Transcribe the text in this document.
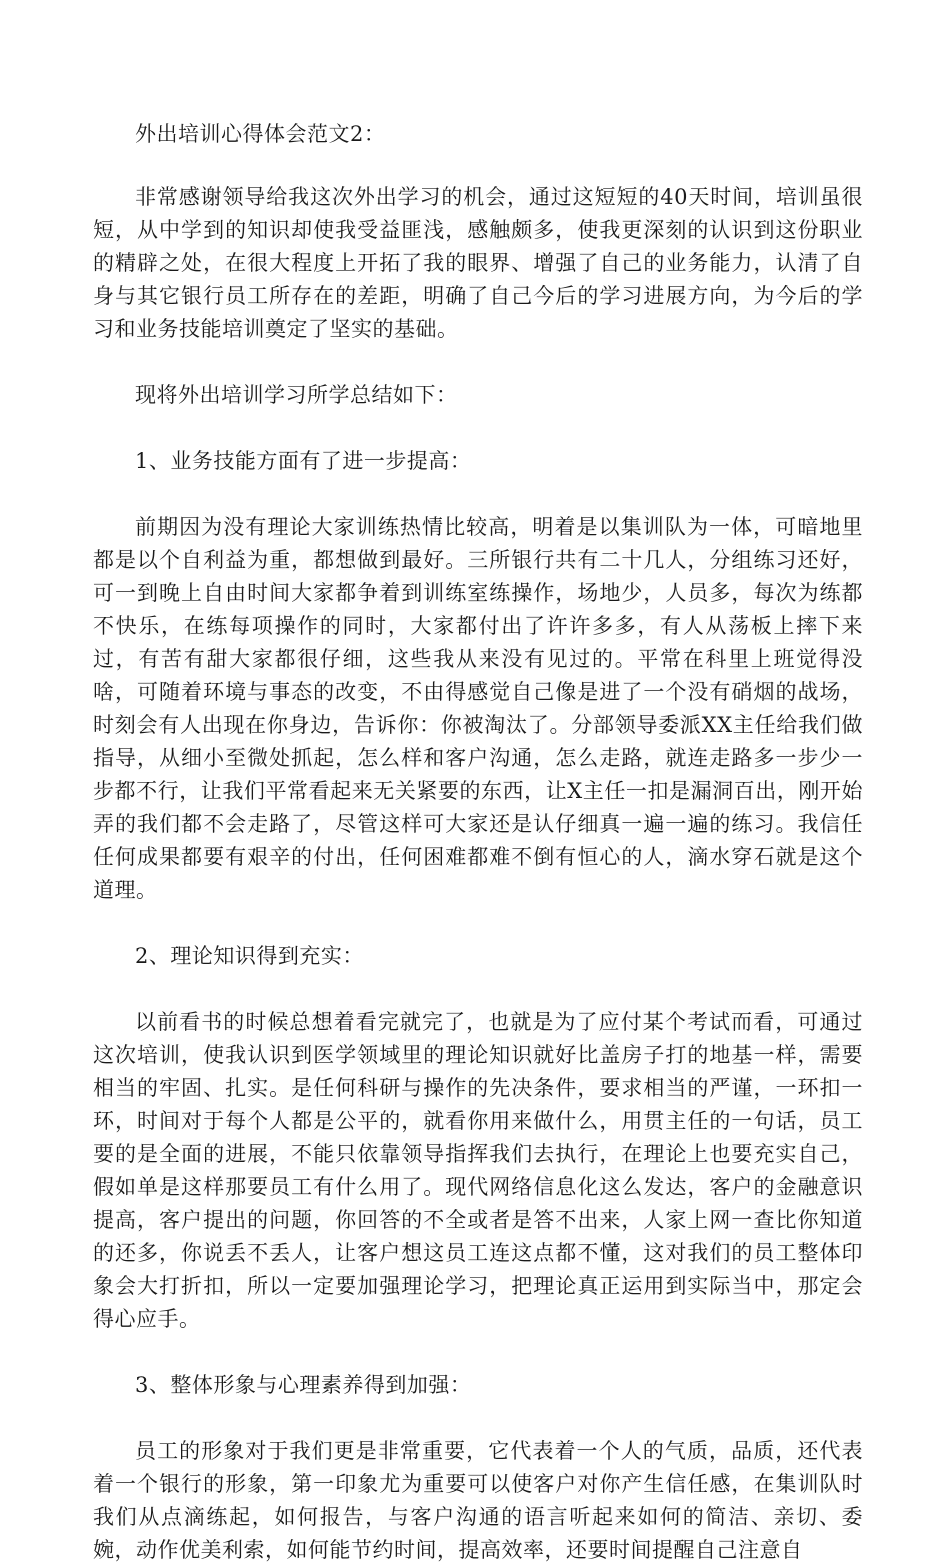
外出培训心得体会范文2：

非常感谢领导给我这次外出学习的机会，通过这短短的40天时间，培训虽很短，从中学到的知识却使我受益匪浅，感触颇多，使我更深刻的认识到这份职业的精辟之处，在很大程度上开拓了我的眼界、增强了自己的业务能力，认清了自身与其它银行员工所存在的差距，明确了自己今后的学习进展方向，为今后的学习和业务技能培训奠定了坚实的基础。

现将外出培训学习所学总结如下：

1、业务技能方面有了进一步提高：

前期因为没有理论大家训练热情比较高，明着是以集训队为一体，可暗地里都是以个自利益为重，都想做到最好。三所银行共有二十几人，分组练习还好，可一到晚上自由时间大家都争着到训练室练操作，场地少，人员多，每次为练都不快乐，在练每项操作的同时，大家都付出了许许多多，有人从荡板上摔下来过，有苦有甜大家都很仔细，这些我从来没有见过的。平常在科里上班觉得没啥，可随着环境与事态的改变，不由得感觉自己像是进了一个没有硝烟的战场，时刻会有人出现在你身边，告诉你：你被淘汰了。分部领导委派XX主任给我们做指导，从细小至微处抓起，怎么样和客户沟通，怎么走路，就连走路多一步少一步都不行，让我们平常看起来无关紧要的东西，让X主任一扣是漏洞百出，刚开始弄的我们都不会走路了，尽管这样可大家还是认仔细真一遍一遍的练习。我信任任何成果都要有艰辛的付出，任何困难都难不倒有恒心的人，滴水穿石就是这个道理。

2、理论知识得到充实：

以前看书的时候总想着看完就完了，也就是为了应付某个考试而看，可通过这次培训，使我认识到医学领域里的理论知识就好比盖房子打的地基一样，需要相当的牢固、扎实。是任何科研与操作的先决条件，要求相当的严谨，一环扣一环，时间对于每个人都是公平的，就看你用来做什么，用贯主任的一句话，员工要的是全面的进展，不能只依靠领导指挥我们去执行，在理论上也要充实自己，假如单是这样那要员工有什么用了。现代网络信息化这么发达，客户的金融意识提高，客户提出的问题，你回答的不全或者是答不出来，人家上网一查比你知道的还多，你说丢不丢人，让客户想这员工连这点都不懂，这对我们的员工整体印象会大打折扣，所以一定要加强理论学习，把理论真正运用到实际当中，那定会得心应手。

3、整体形象与心理素养得到加强：

员工的形象对于我们更是非常重要，它代表着一个人的气质，品质，还代表着一个银行的形象，第一印象尤为重要可以使客户对你产生信任感，在集训队时我们从点滴练起，如何报告，与客户沟通的语言听起来如何的简洁、亲切、委婉，动作优美利索，如何能节约时间，提高效率，还要时间提醒自己注意自
